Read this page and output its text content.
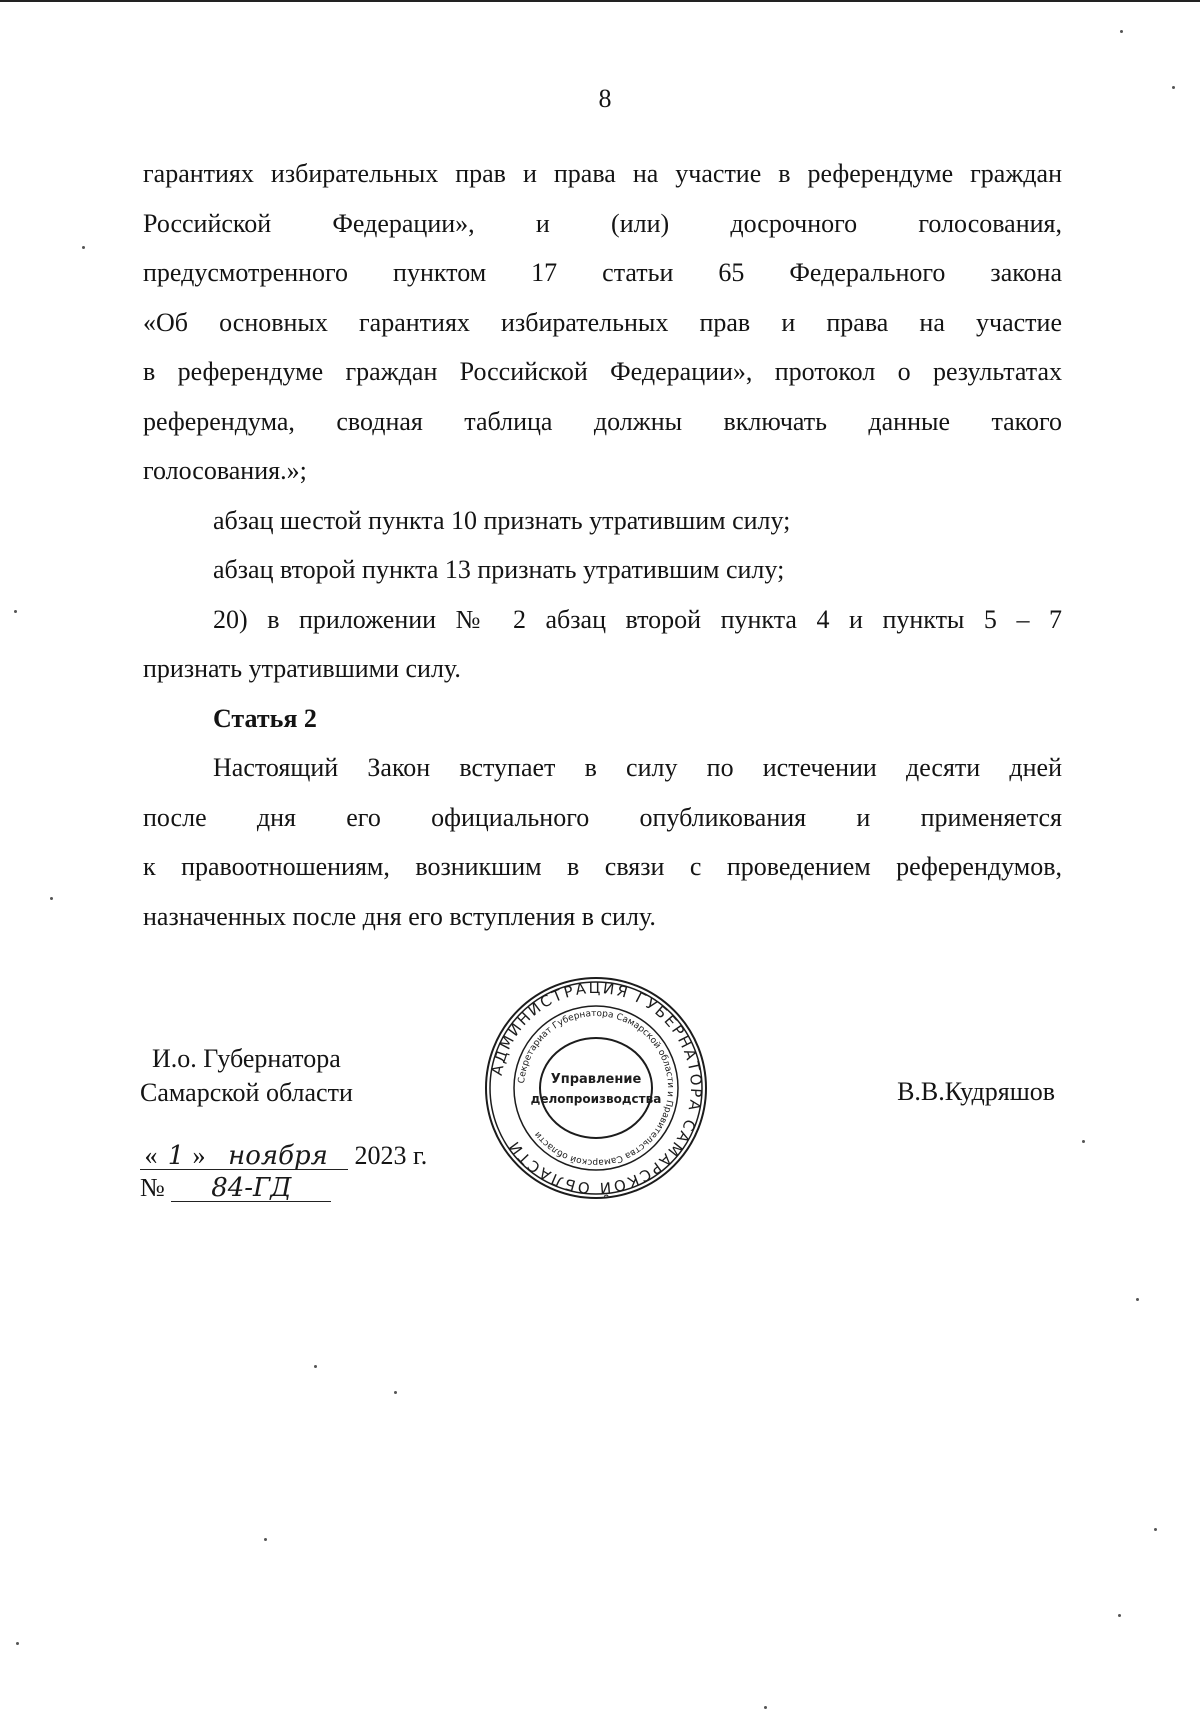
8

гарантиях избирательных прав и права на участие в референдуме граждан

Российской Федерации», и (или) досрочного голосования,

предусмотренного пунктом 17 статьи 65 Федерального закона

«Об основных гарантиях избирательных прав и права на участие

в референдуме граждан Российской Федерации», протокол о результатах

референдума, сводная таблица должны включать данные такого

голосования.»;

абзац шестой пункта 10 признать утратившим силу;

абзац второй пункта 13 признать утратившим силу;

20) в приложении № 2 абзац второй пункта 4 и пункты 5 – 7

признать утратившими силу.

Статья 2

Настоящий Закон вступает в силу по истечении десяти дней

после дня его официального опубликования и применяется

к правоотношениям, возникшим в связи с проведением референдумов,

назначенных после дня его вступления в силу.

И.о. Губернатора
Самарской области	В.В.Кудряшов
« 1 » ноября 2023 г.
№ 84-ГД
АДМИНИСТРАЦИЯ ГУБЕРНАТОРА САМАРСКОЙ ОБЛАСТИ
Секретариат Губернатора Самарской области и Правительства Самарской области
Управление
делопроизводства
